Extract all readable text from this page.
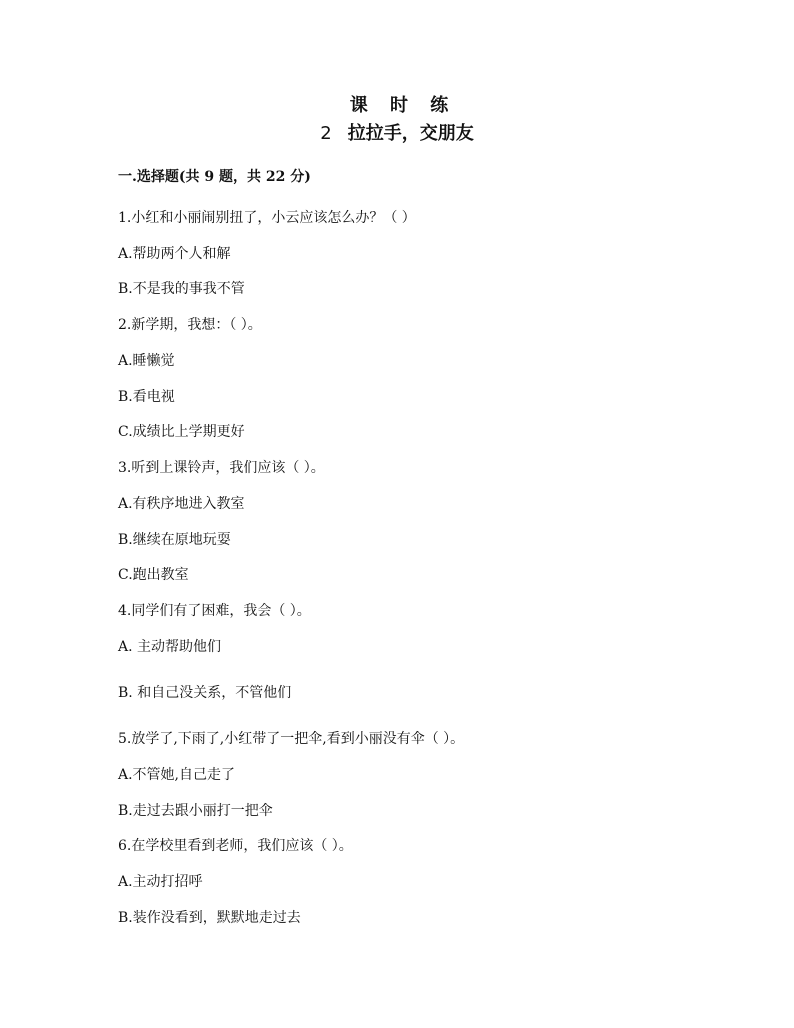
课 时 练
2 拉拉手，交朋友
一.选择题(共 9 题，共 22 分)
1.小红和小丽闹别扭了，小云应该怎么办？（ ）
A.帮助两个人和解
B.不是我的事我不管
2.新学期，我想：（ ）。
A.睡懒觉
B.看电视
C.成绩比上学期更好
3.听到上课铃声，我们应该（ ）。
A.有秩序地进入教室
B.继续在原地玩耍
C.跑出教室
4.同学们有了困难，我会（ ）。
A. 主动帮助他们
B. 和自己没关系，不管他们
5.放学了,下雨了,小红带了一把伞,看到小丽没有伞（ ）。
A.不管她,自己走了
B.走过去跟小丽打一把伞
6.在学校里看到老师，我们应该（ ）。
A.主动打招呼
B.装作没看到，默默地走过去
